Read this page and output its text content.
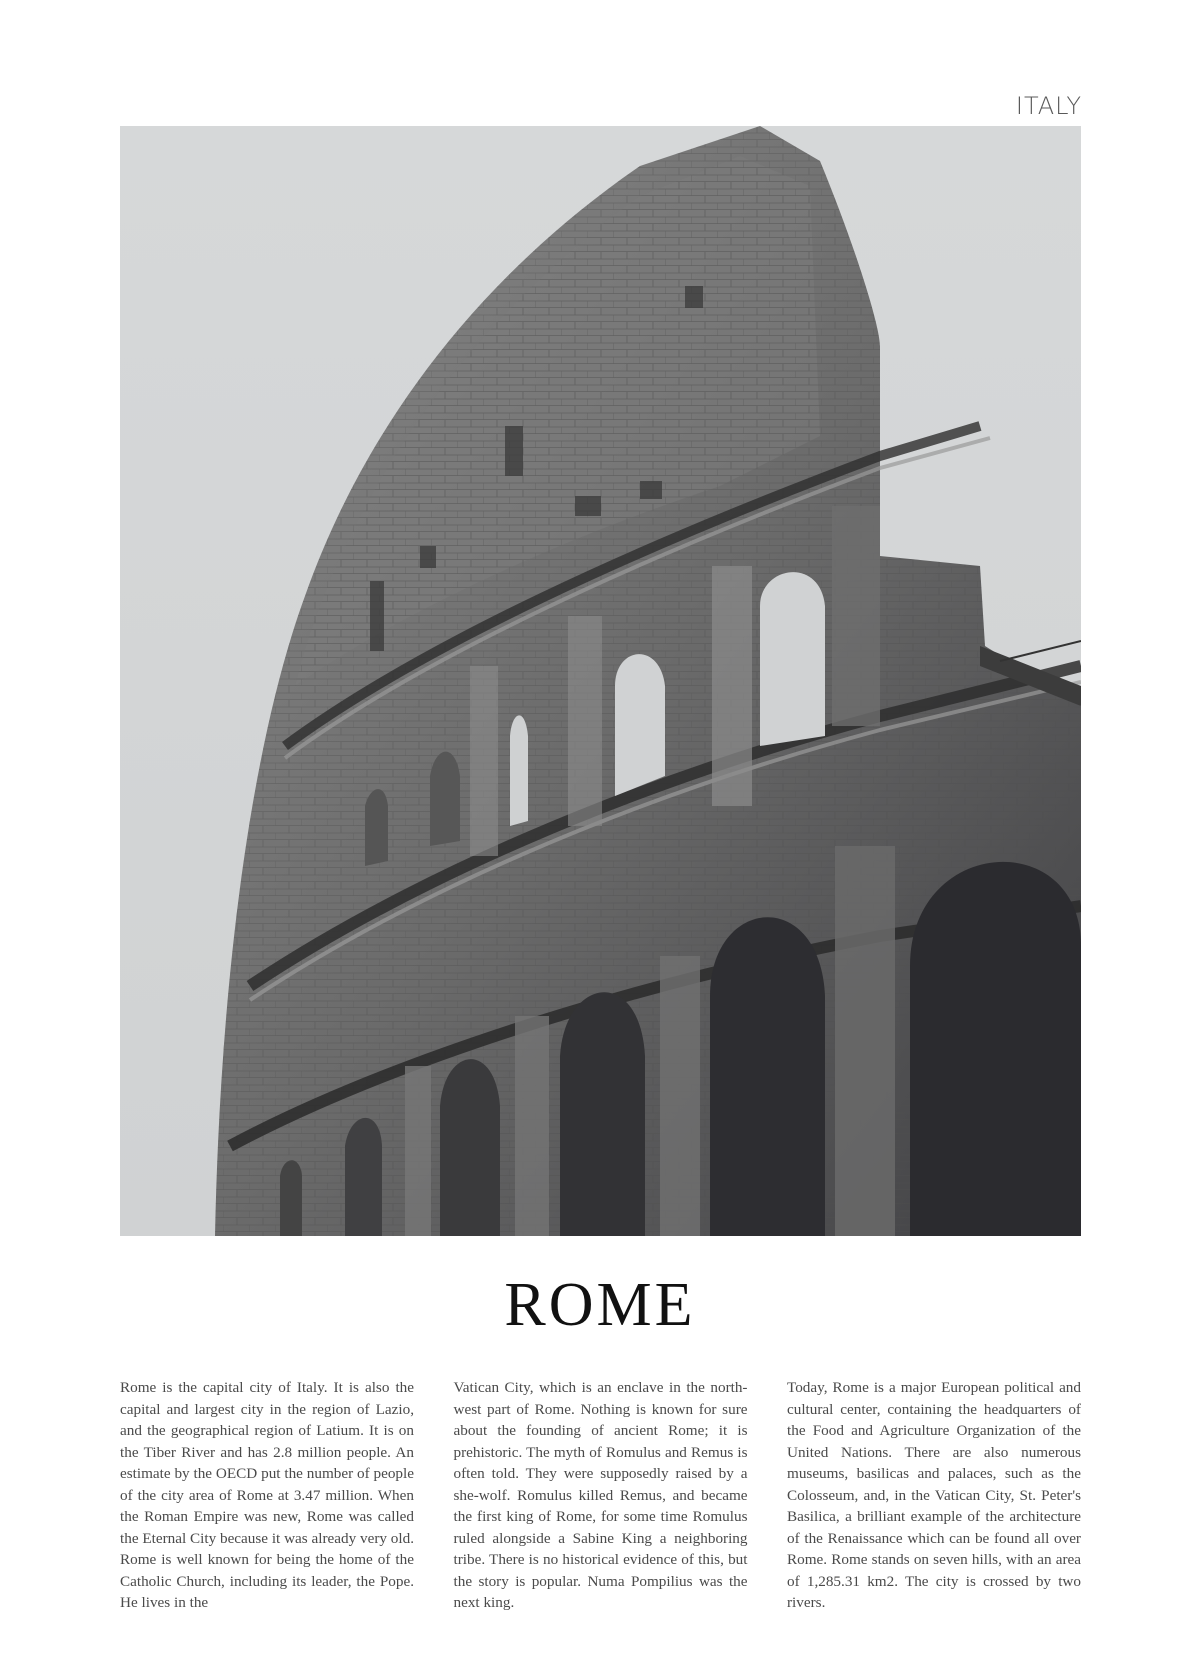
ITALY
ROME
Rome is the capital city of Italy. It is also the capital and largest city in the region of Lazio, and the geographical region of Latium. It is on the Tiber River and has 2.8 million people. An estimate by the OECD put the number of people of the city area of Rome at 3.47 million. When the Roman Empire was new, Rome was called the Eternal City because it was already very old. Rome is well known for being the home of the Catholic Church, including its leader, the Pope. He lives in the
Vatican City, which is an enclave in the north-west part of Rome. Nothing is known for sure about the founding of ancient Rome; it is prehistoric. The myth of Romulus and Remus is often told. They were supposedly raised by a she-wolf. Romulus killed Remus, and became the first king of Rome, for some time Romulus ruled alongside a Sabine King a neighboring tribe. There is no historical evidence of this, but the story is popular. Numa Pompilius was the next king.
Today, Rome is a major European political and cultural center, containing the headquarters of the Food and Agriculture Organization of the United Nations. There are also numerous museums, basilicas and palaces, such as the Colosseum, and, in the Vatican City, St. Peter's Basilica, a brilliant example of the architecture of the Renaissance which can be found all over Rome. Rome stands on seven hills, with an area of 1,285.31 km2. The city is crossed by two rivers.
